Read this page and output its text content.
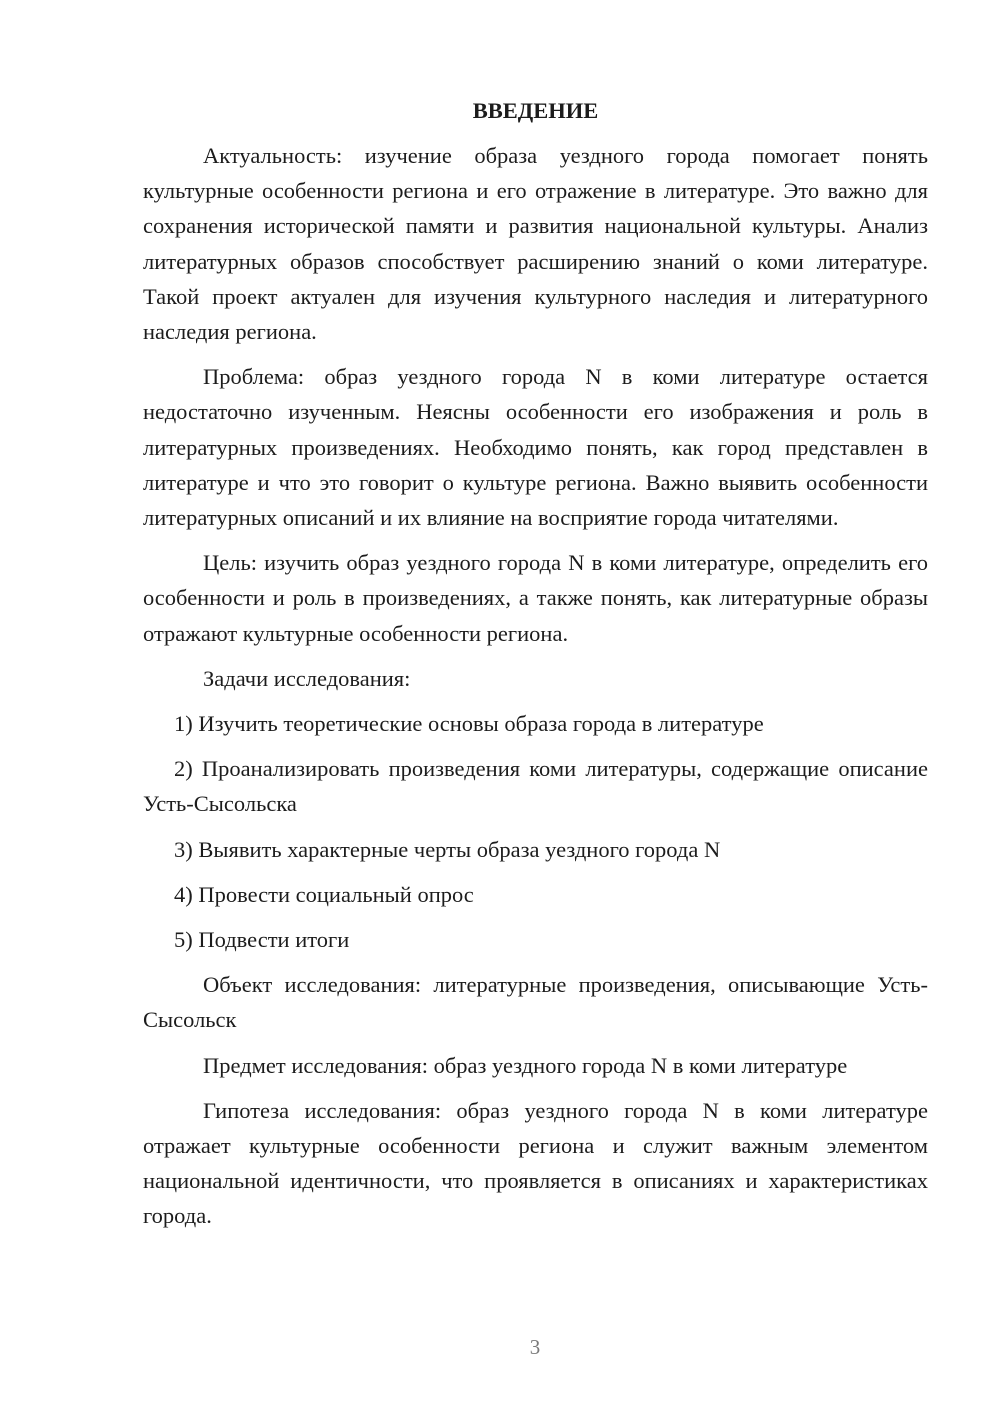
ВВЕДЕНИЕ

Актуальность: изучение образа уездного города помогает понять культурные особенности региона и его отражение в литературе. Это важно для сохранения исторической памяти и развития национальной культуры. Анализ литературных образов способствует расширению знаний о коми литературе. Такой проект актуален для изучения культурного наследия и литературного наследия региона.

Проблема: образ уездного города N в коми литературе остается недостаточно изученным. Неясны особенности его изображения и роль в литературных произведениях. Необходимо понять, как город представлен в литературе и что это говорит о культуре региона. Важно выявить особенности литературных описаний и их влияние на восприятие города читателями.

Цель: изучить образ уездного города N в коми литературе, определить его особенности и роль в произведениях, а также понять, как литературные образы отражают культурные особенности региона.

Задачи исследования:

1) Изучить теоретические основы образа города в литературе

2) Проанализировать произведения коми литературы, содержащие описание Усть-Сысольска

3) Выявить характерные черты образа уездного города N

4) Провести социальный опрос

5) Подвести итоги

Объект исследования: литературные произведения, описывающие Усть-Сысольск

Предмет исследования: образ уездного города N в коми литературе

Гипотеза исследования: образ уездного города N в коми литературе отражает культурные особенности региона и служит важным элементом национальной идентичности, что проявляется в описаниях и характеристиках города.

3
